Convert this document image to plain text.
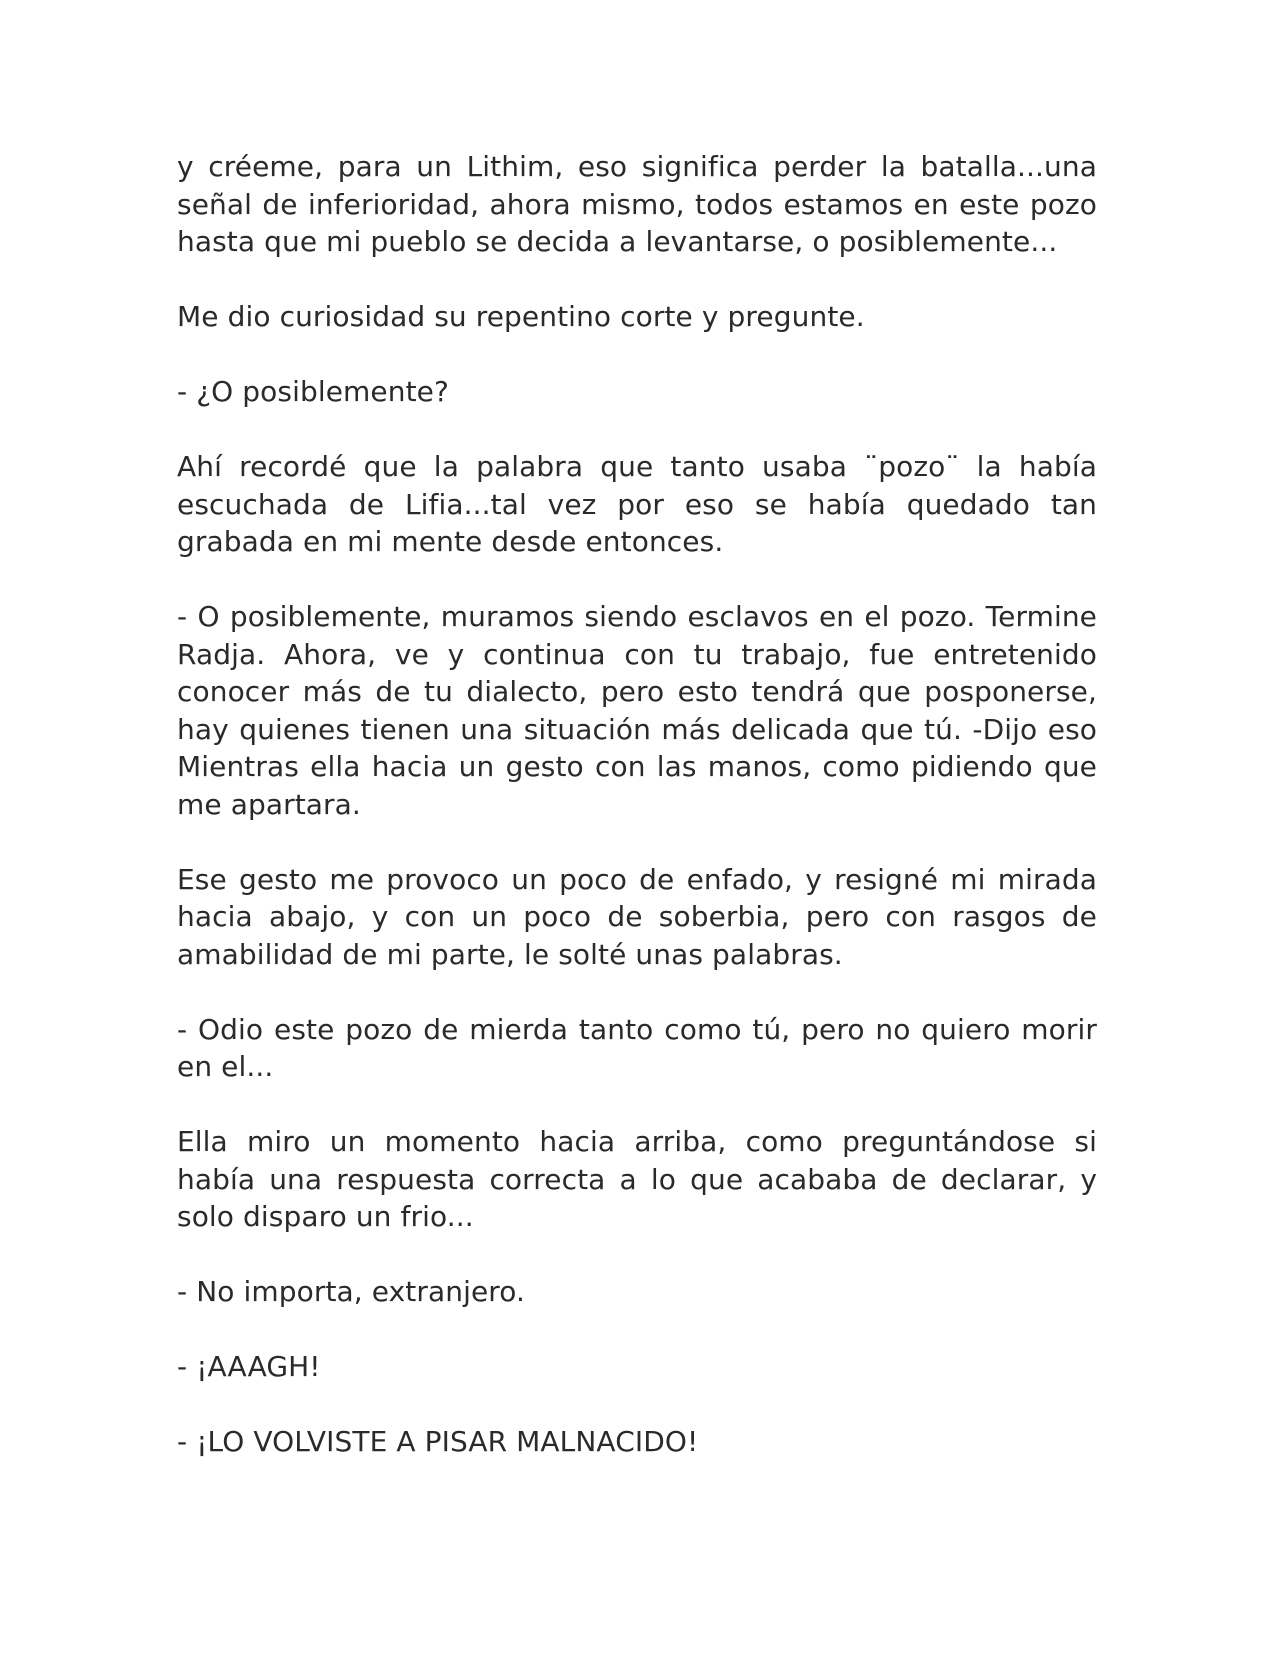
y créeme, para un Lithim, eso significa perder la batalla...una señal de inferioridad, ahora mismo, todos estamos en este pozo hasta que mi pueblo se decida a levantarse, o posiblemente...

Me dio curiosidad su repentino corte y pregunte.

- ¿O posiblemente?

Ahí recordé que la palabra que tanto usaba ¨pozo¨ la había escuchada de Lifia...tal vez por eso se había quedado tan grabada en mi mente desde entonces.

- O posiblemente, muramos siendo esclavos en el pozo. Termine Radja. Ahora, ve y continua con tu trabajo, fue entretenido conocer más de tu dialecto, pero esto tendrá que posponerse, hay quienes tienen una situación más delicada que tú. -Dijo eso Mientras ella hacia un gesto con las manos, como pidiendo que me apartara.

Ese gesto me provoco un poco de enfado, y resigné mi mirada hacia abajo, y con un poco de soberbia, pero con rasgos de amabilidad de mi parte, le solté unas palabras.

- Odio este pozo de mierda tanto como tú, pero no quiero morir en el...

Ella miro un momento hacia arriba, como preguntándose si había una respuesta correcta a lo que acababa de declarar, y solo disparo un frio...

- No importa, extranjero.

- ¡AAAGH!

- ¡LO VOLVISTE A PISAR MALNACIDO!
